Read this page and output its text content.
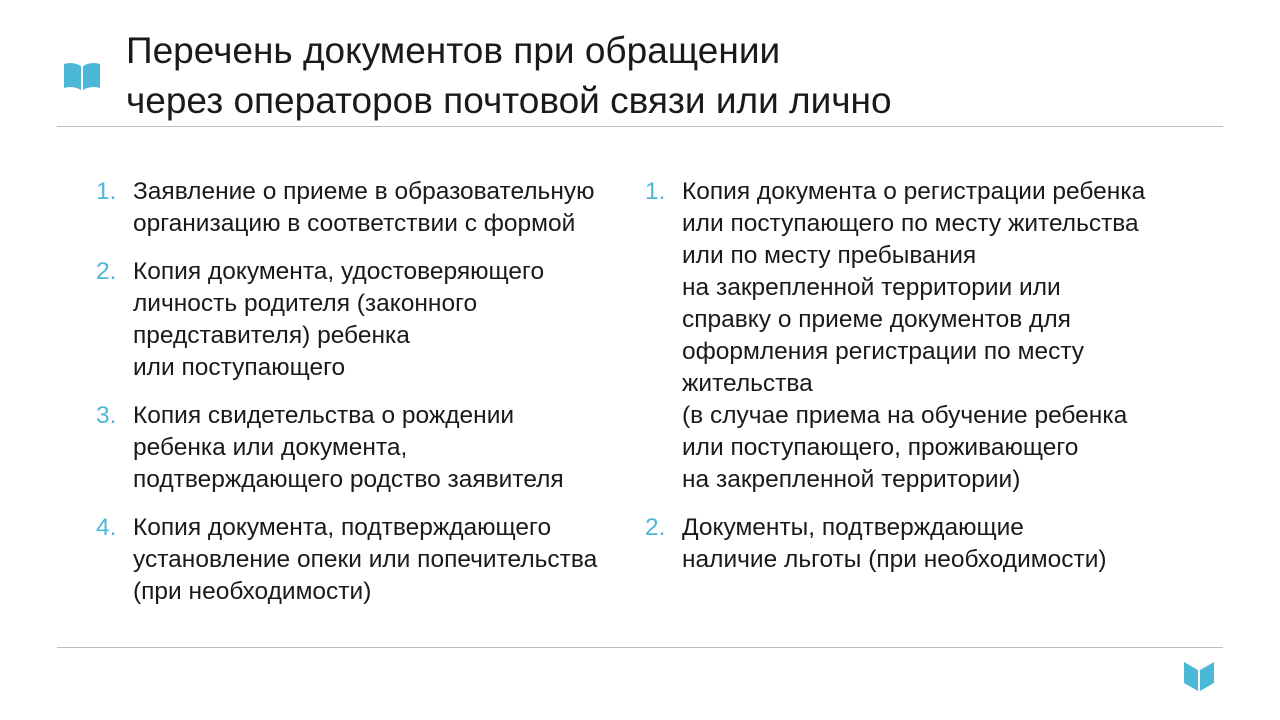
Перечень документов при обращении
через операторов почтовой связи или лично
1. Заявление о приеме в образовательную
организацию в соответствии с формой
2. Копия документа, удостоверяющего
личность родителя (законного
представителя) ребенка
или поступающего
3. Копия свидетельства о рождении
ребенка или документа,
подтверждающего родство заявителя
4. Копия документа, подтверждающего
установление опеки или попечительства
(при необходимости)
1. Копия документа о регистрации ребенка
или поступающего по месту жительства
или по месту пребывания
на закрепленной территории или
справку о приеме документов для
оформления регистрации по месту
жительства
(в случае приема на обучение ребенка
или поступающего, проживающего
на закрепленной территории)
2. Документы, подтверждающие
наличие льготы (при необходимости)
